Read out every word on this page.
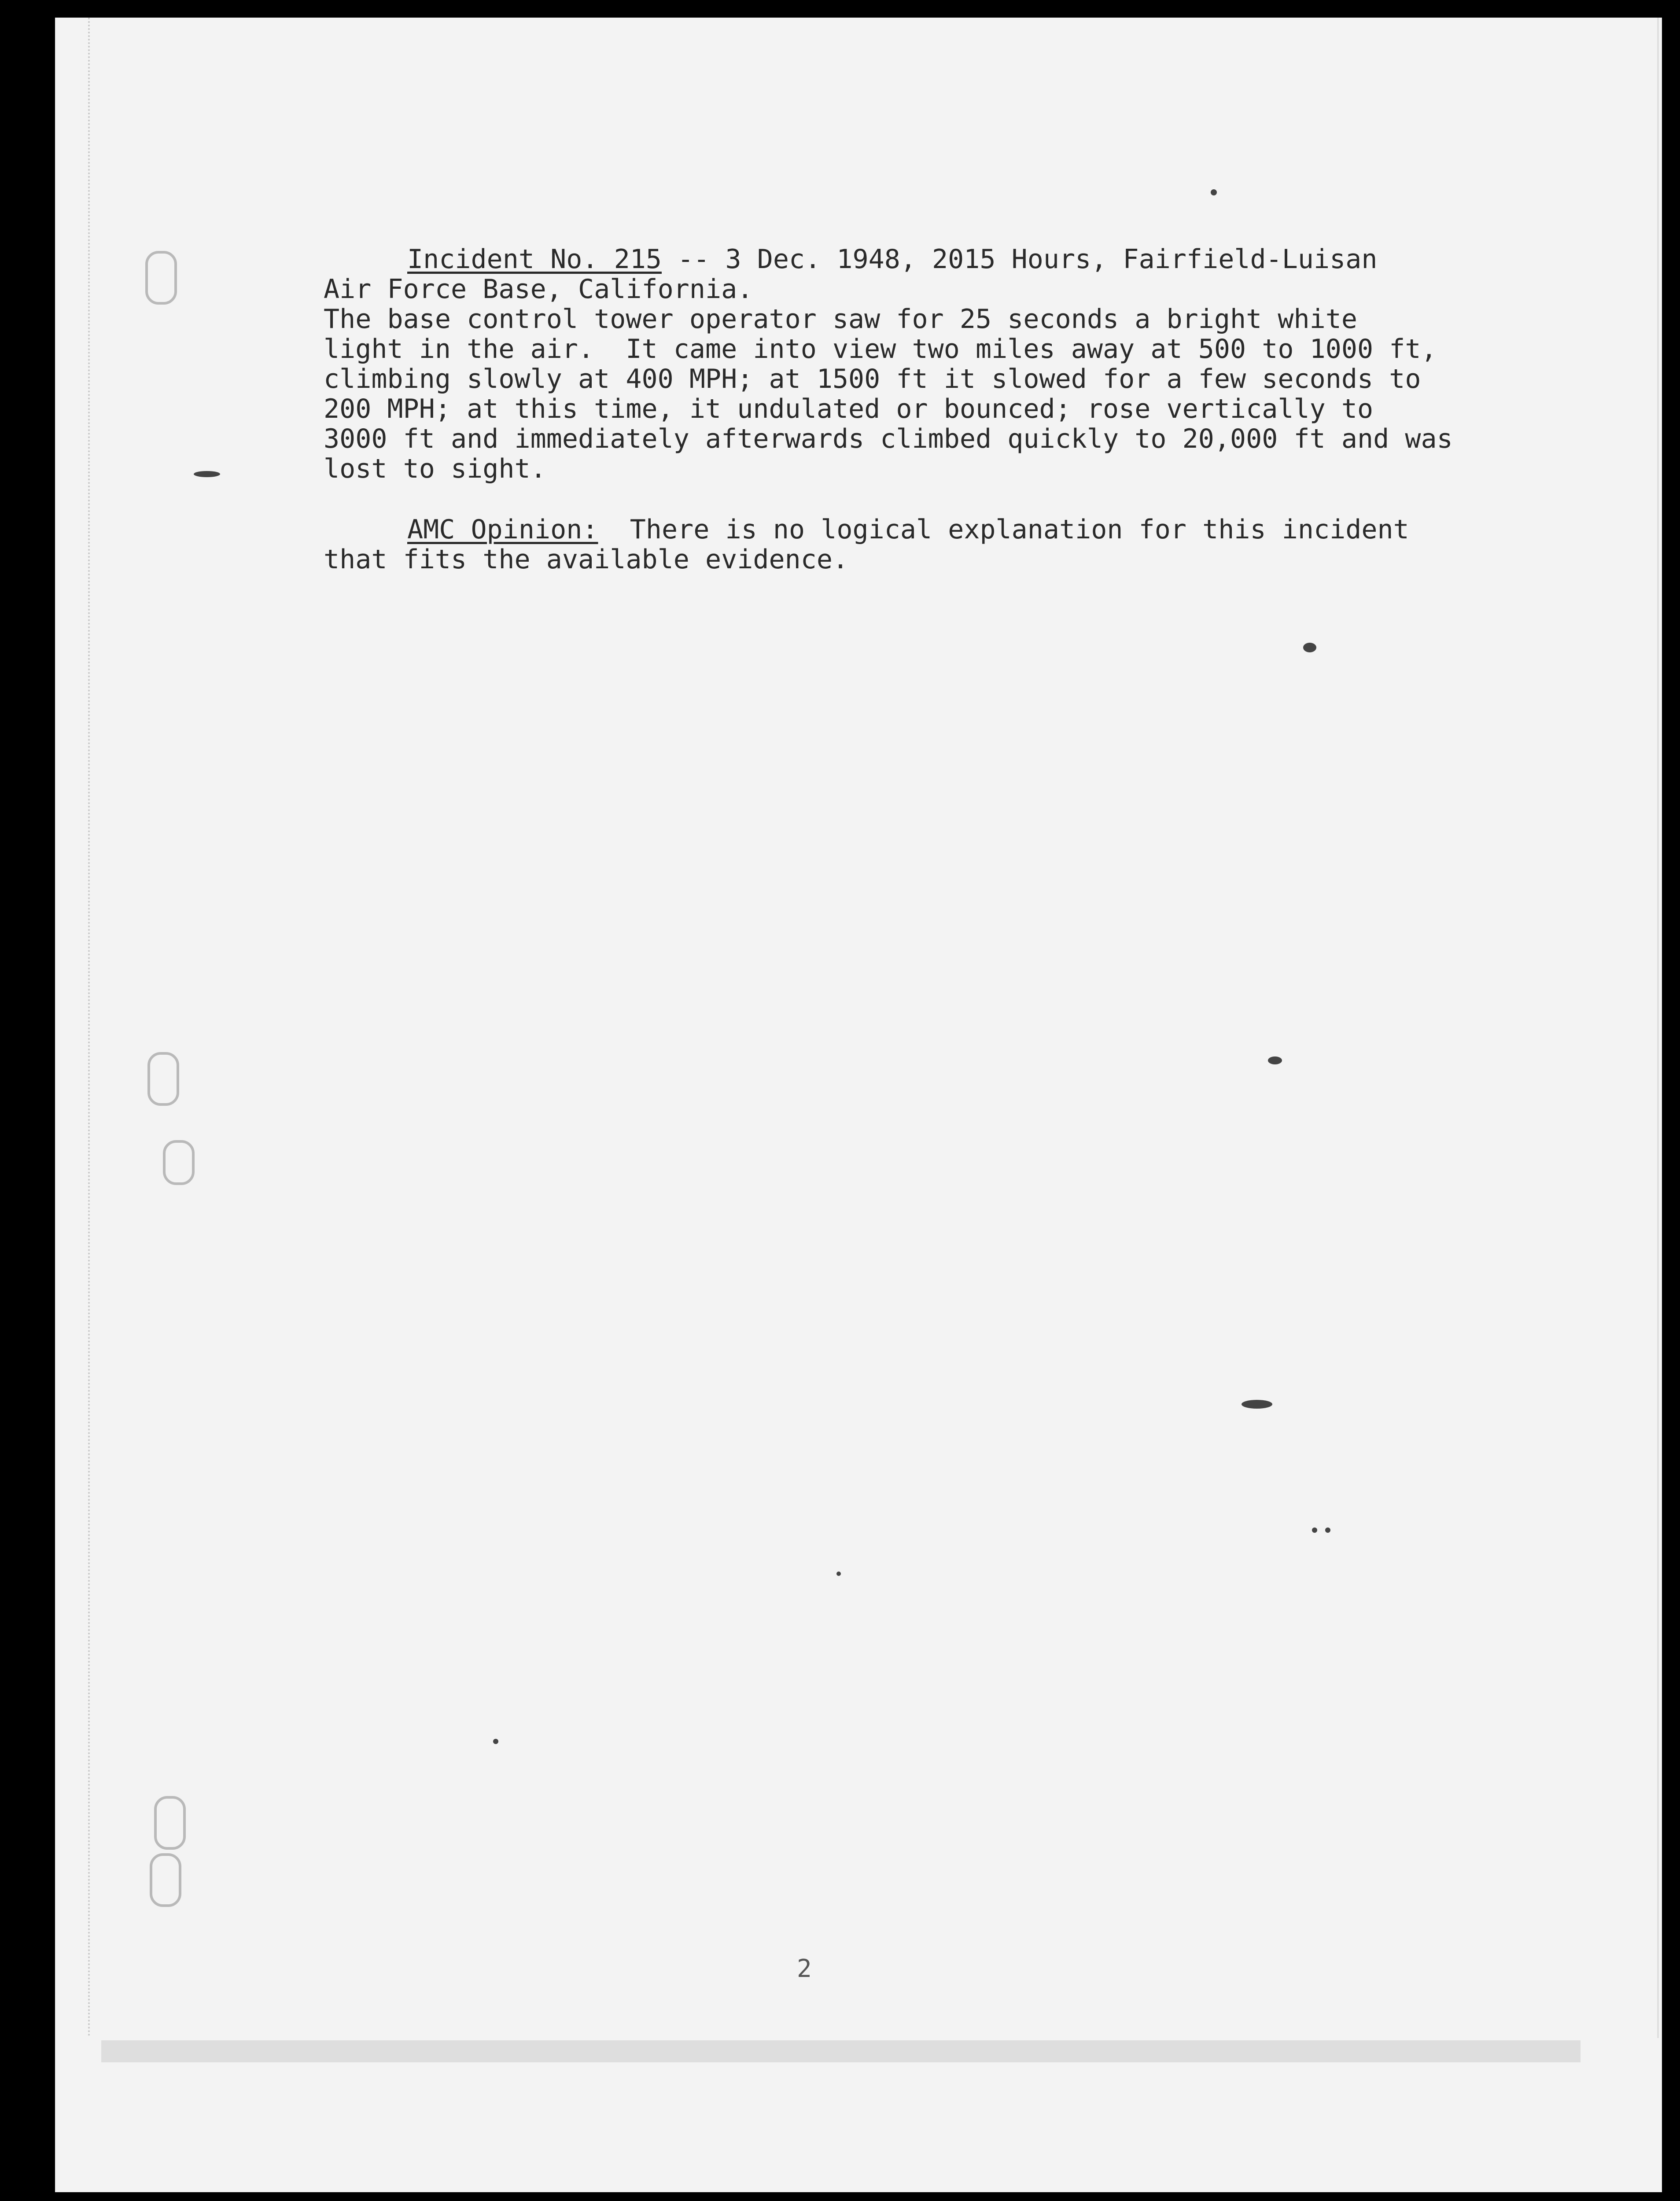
Incident No. 215 -- 3 Dec. 1948, 2015 Hours, Fairfield-Luisan
Air Force Base, California.
The base control tower operator saw for 25 seconds a bright white
light in the air.  It came into view two miles away at 500 to 1000 ft,
climbing slowly at 400 MPH; at 1500 ft it slowed for a few seconds to
200 MPH; at this time, it undulated or bounced; rose vertically to
3000 ft and immediately afterwards climbed quickly to 20,000 ft and was
lost to sight.
AMC Opinion:  There is no logical explanation for this incident
that fits the available evidence.
2
